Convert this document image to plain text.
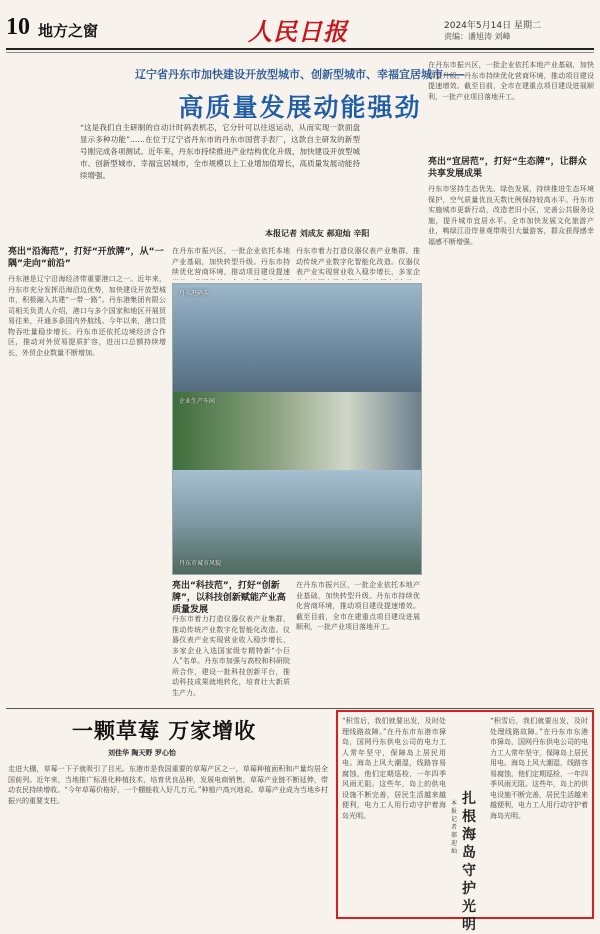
10 地方之窗	人民日报	2024年5月14日 星期二
责编：潘旭涛 刘峰
辽宁省丹东市加快建设开放型城市、创新型城市、幸福宜居城市——
高质量发展动能强劲
“这是我们自主研制的自动计时码表机芯，它分针可以往返运动，从而实现一款面盘显示多种功能”……在位于辽宁省丹东市的丹东市国营手表厂，这款自主研发的新型号刚完成各项测试。近年来，丹东市持续推进产业结构优化升级，加快建设开放型城市、创新型城市、幸福宜居城市，全市规模以上工业增加值增长，高质量发展动能持续增强。
本报记者 刘成友 郝迎灿 辛阳
亮出“沿海范”，打好“开放牌”，从“一隅”走向“前沿”
丹东港是辽宁沿海经济带重要港口之一。近年来，丹东市充分发挥沿海沿边优势，加快建设开放型城市，积极融入共建“一带一路”。丹东港集团有限公司相关负责人介绍，港口与多个国家和地区开展贸易往来，开通多条国内外航线。今年以来，港口货物吞吐量稳步增长。丹东市还依托边境经济合作区，推动对外贸易提质扩容，进出口总额持续增长，外贸企业数量不断增加。
在丹东市振兴区，一批企业依托本地产业基础，加快转型升级。丹东市持续优化营商环境，推动项目建设提速
丹东市着力打造仪器仪表产业集群，推动传统产业数字化智能化改造。仪器仪表产业实现营业收入稳步增长，多家企
丹东港码头
企业生产车间
丹东市城市风貌
亮出“科技范”，打好“创新牌”，以科技创新赋能产业高质量发展
丹东市着力打造仪器仪表产业集群，推动传统产业数字化智能化改造。仪器仪表产业实现营业收入稳步增长，多家企业入选国家级专精特新“小巨人”名单。丹东市加强与高校和科研院所合作，建设一批科技创新平台，推动科技成果就地转化，培育壮大新质生产力。
在丹东市振兴区，一批企业依托本地产业基础，加快转型升级。丹东市持续优化营商环境，推动项目建设提速增效。截至目前，全市在建重点项目建设进展顺利，一批产业项目落地开工。
在丹东市振兴区，一批企业依托本地产业基础，加快转型升级。丹东市持续优化营商环境，推动项目建设提速增效。截至目前，全市在建重点项目建设进展顺利，一批产业项目落地开工。
亮出“宜居范”，打好“生态牌”，让群众共享发展成果
丹东市坚持生态优先、绿色发展，持续推进生态环境保护，空气质量优良天数比例保持较高水平。丹东市实施城市更新行动，改造老旧小区，完善公共服务设施，提升城市宜居水平。全市加快发展文化旅游产业，鸭绿江沿岸景观带吸引大量游客，群众获得感幸福感不断增强。
一颗草莓 万家增收
刘佳华 陶天野 罗心怡
走进大棚，草莓一下子就吸引了目光。东港市是我国重要的草莓产区之一，草莓种植面积和产量均居全国前列。近年来，当地推广标准化种植技术，培育优良品种，发展电商销售，草莓产业链不断延伸，带动农民持续增收。“今年草莓价格好，一个棚能收入好几万元。”种植户高兴地说。草莓产业成为当地乡村振兴的重要支柱。
“积雪后，我们就要出发，及时处理线路故障。”在丹东市东港市獐岛，国网丹东供电公司的电力工人常年坚守，保障岛上居民用电。海岛上风大潮湿，线路容易腐蚀，他们定期巡检，一年四季风雨无阻。这些年，岛上的供电设施不断完善，居民生活越来越便利，电力工人用行动守护着海岛光明。
本报记者 郝迎灿
扎根海岛守护光明
“积雪后，我们就要出发，及时处理线路故障。”在丹东市东港市獐岛，国网丹东供电公司的电力工人常年坚守，保障岛上居民用电。海岛上风大潮湿，线路容易腐蚀，他们定期巡检，一年四季风雨无阻。这些年，岛上的供电设施不断完善，居民生活越来越便利，电力工人用行动守护着海岛光明。
